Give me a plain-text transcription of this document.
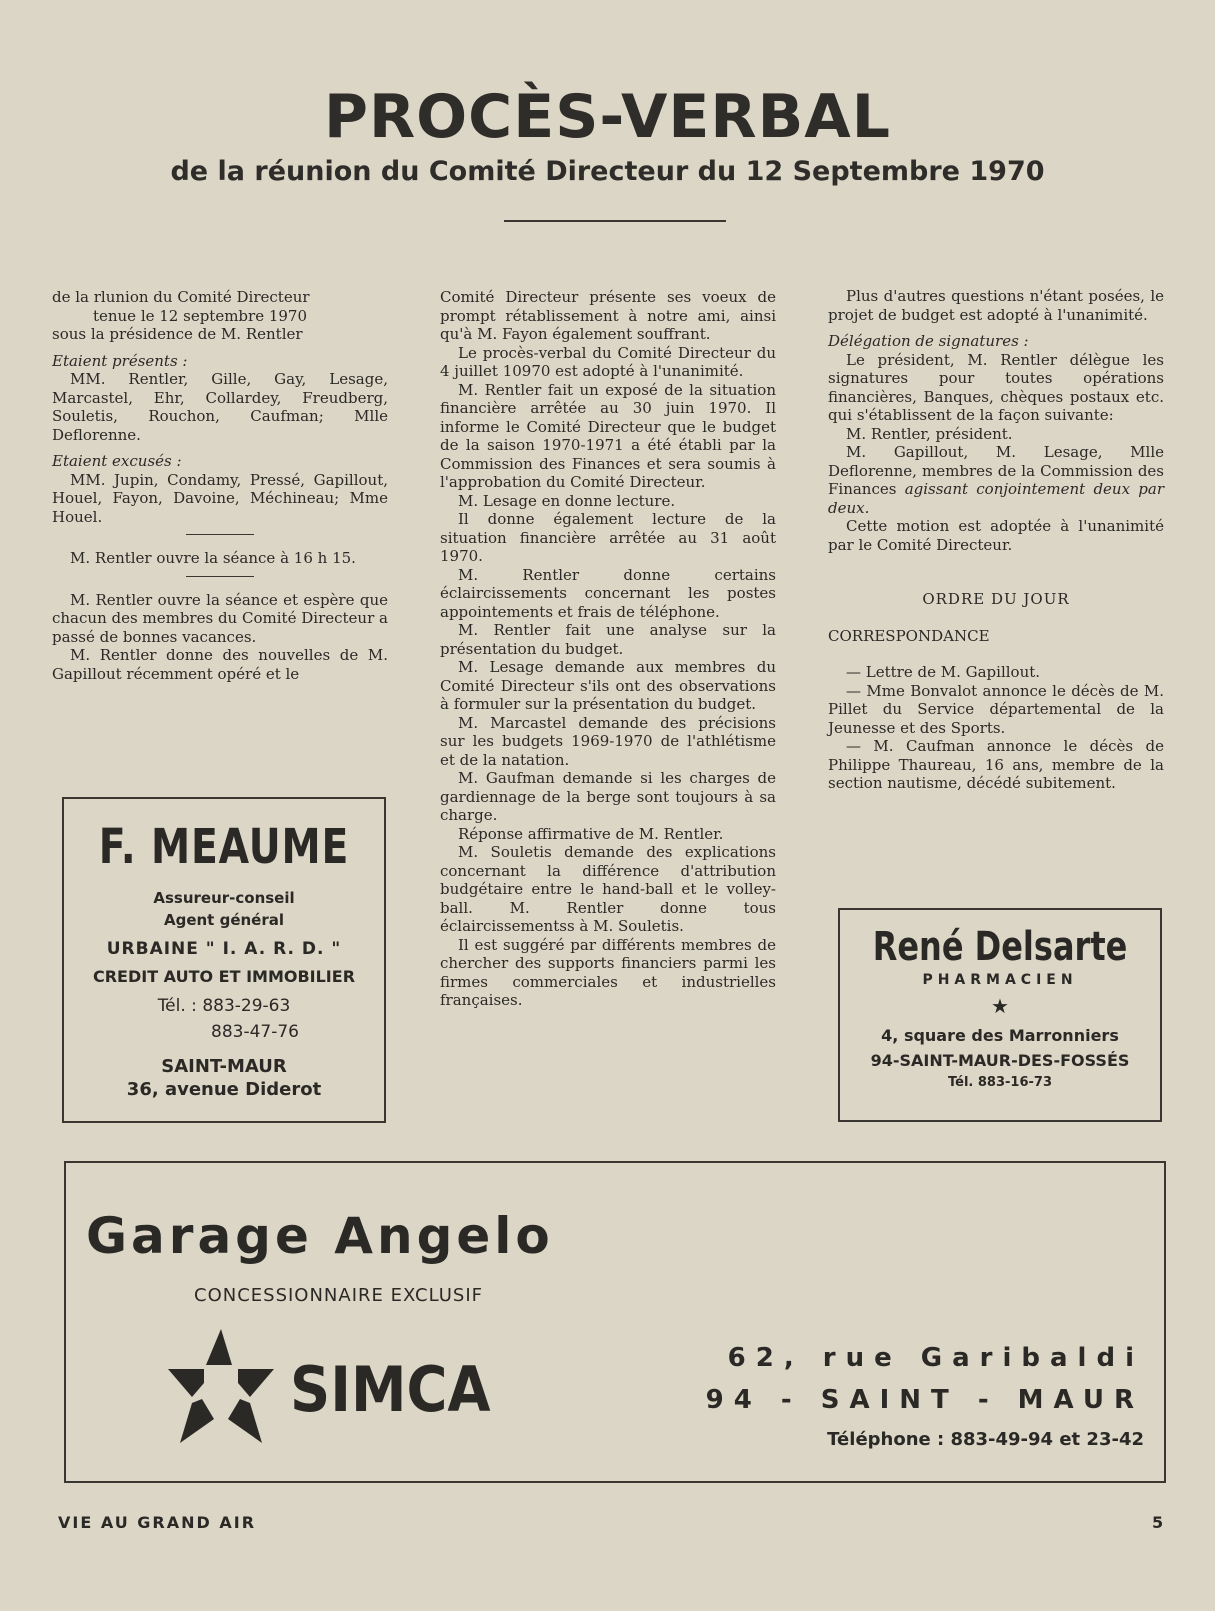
PROCÈS-VERBAL
de la réunion du Comité Directeur du 12 Septembre 1970

de la rlunion du Comité Directeur

tenue le 12 septembre 1970

sous la présidence de M. Rentler

Etaient présents :

MM. Rentler, Gille, Gay, Lesage, Marcastel, Ehr, Collardey, Freudberg, Souletis, Rouchon, Caufman; Mlle Deflorenne.

Etaient excusés :

MM. Jupin, Condamy, Pressé, Gapillout, Houel, Fayon, Davoine, Méchineau; Mme Houel.

M. Rentler ouvre la séance à 16 h 15.

M. Rentler ouvre la séance et espère que chacun des membres du Comité Directeur a passé de bonnes vacances.

M. Rentler donne des nouvelles de M. Gapillout récemment opéré et le

Comité Directeur présente ses voeux de prompt rétablissement à notre ami, ainsi qu'à M. Fayon également souffrant.

Le procès-verbal du Comité Directeur du 4 juillet 10970 est adopté à l'unanimité.

M. Rentler fait un exposé de la situation financière arrêtée au 30 juin 1970. Il informe le Comité Directeur que le budget de la saison 1970-1971 a été établi par la Commission des Finances et sera soumis à l'approbation du Comité Directeur.

M. Lesage en donne lecture.

Il donne également lecture de la situation financière arrêtée au 31 août 1970.

M. Rentler donne certains éclaircissements concernant les postes appointements et frais de téléphone.

M. Rentler fait une analyse sur la présentation du budget.

M. Lesage demande aux membres du Comité Directeur s'ils ont des observations à formuler sur la présentation du budget.

M. Marcastel demande des précisions sur les budgets 1969-1970 de l'athlétisme et de la natation.

M. Gaufman demande si les charges de gardiennage de la berge sont toujours à sa charge.

Réponse affirmative de M. Rentler.

M. Souletis demande des explications concernant la différence d'attribution budgétaire entre le hand-ball et le volley-ball. M. Rentler donne tous éclaircissementss à M. Souletis.

Il est suggéré par différents membres de chercher des supports financiers parmi les firmes commerciales et industrielles françaises.

Plus d'autres questions n'étant posées, le projet de budget est adopté à l'unanimité.

Délégation de signatures :

Le président, M. Rentler délègue les signatures pour toutes opérations financières, Banques, chèques postaux etc. qui s'établissent de la façon suivante:

M. Rentler, président.

M. Gapillout, M. Lesage, Mlle Deflorenne, membres de la Commission des Finances agissant conjointement deux par deux.

Cette motion est adoptée à l'unanimité par le Comité Directeur.

ORDRE DU JOUR

CORRESPONDANCE

— Lettre de M. Gapillout.

— Mme Bonvalot annonce le décès de M. Pillet du Service départemental de la Jeunesse et des Sports.

— M. Caufman annonce le décès de Philippe Thaureau, 16 ans, membre de la section nautisme, décédé subitement.

F. MEAUME
Assureur-conseil
Agent général
URBAINE " I. A. R. D. "
CREDIT AUTO ET IMMOBILIER
Tél. : 883-29-63
883-47-76
SAINT-MAUR
36, avenue Diderot
René Delsarte
PHARMACIEN
★
4, square des Marronniers
94-SAINT-MAUR-DES-FOSSÉS
Tél. 883-16-73
Garage Angelo
CONCESSIONNAIRE EXCLUSIF
SIMCA	62, rue Garibaldi
94 - SAINT - MAUR
Téléphone : 883-49-94 et 23-42
VIE AU GRAND AIR	5
